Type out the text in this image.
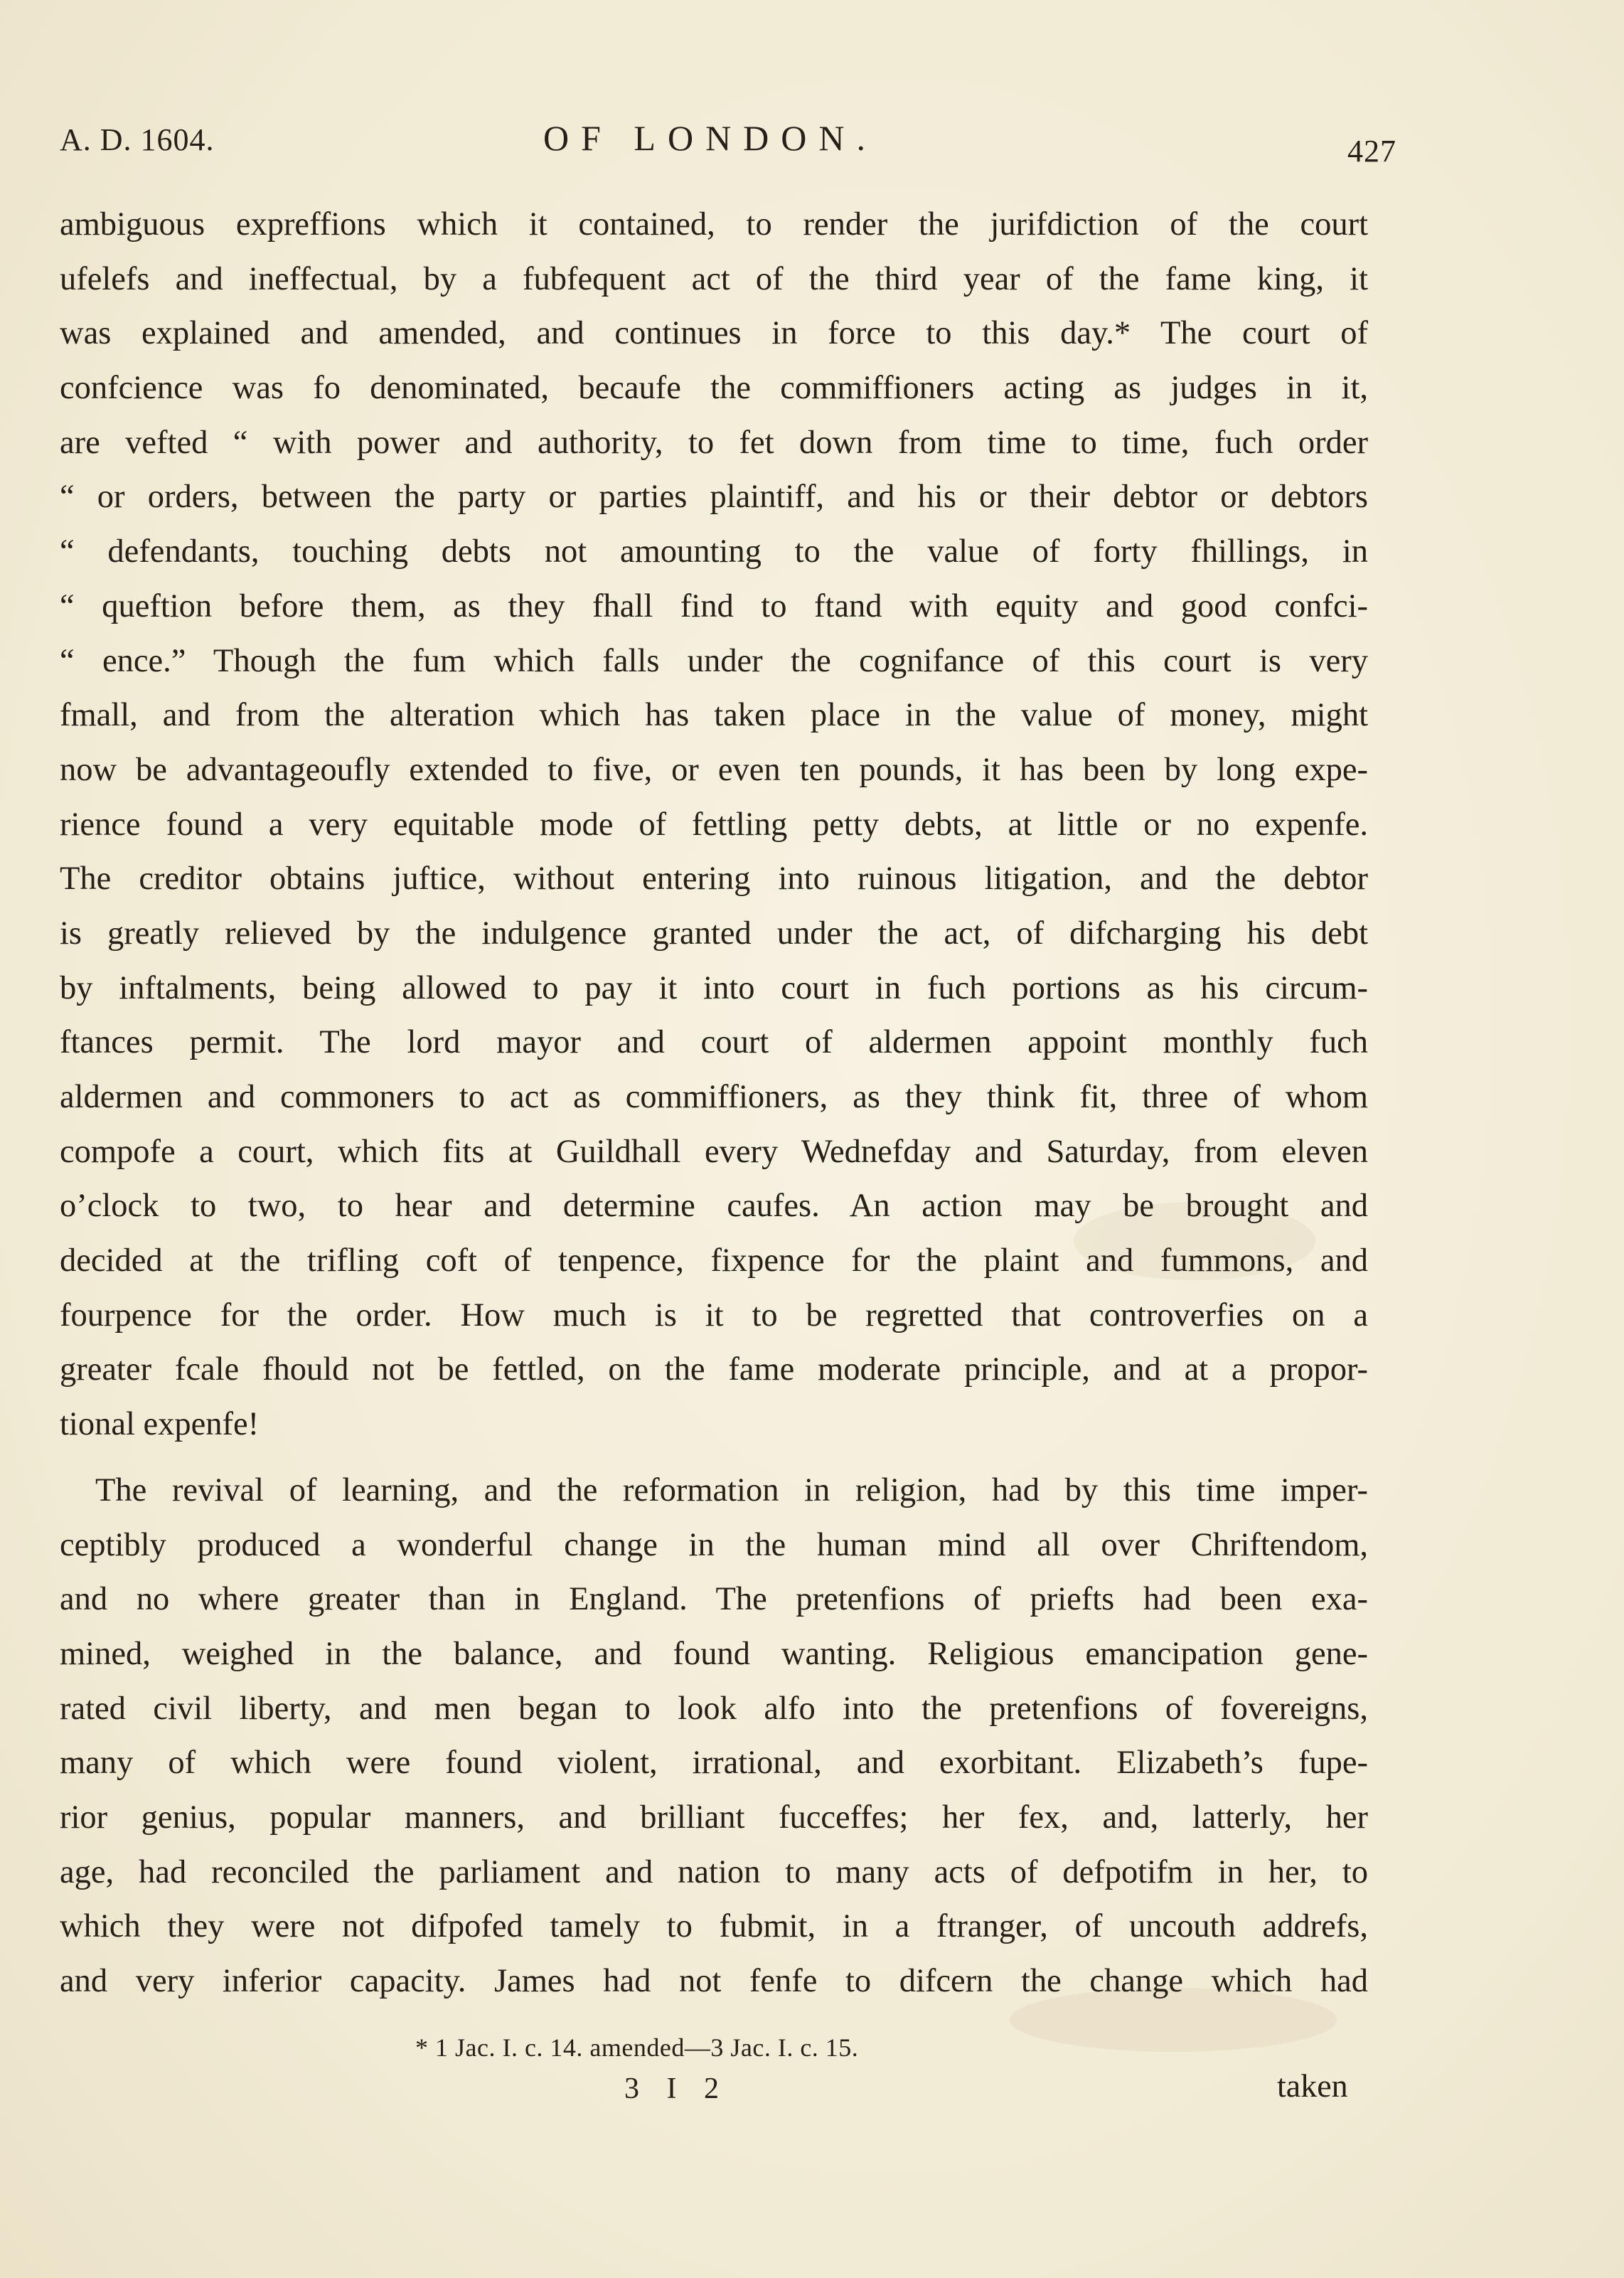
A. D. 1604.	OF LONDON.	427
ambiguous expreffions which it contained, to render the jurifdiction of the court
ufelefs and ineffectual, by a fubfequent act of the third year of the fame king, it
was explained and amended, and continues in force to this day.* The court of
confcience was fo denominated, becaufe the commiffioners acting as judges in it,
are vefted “ with power and authority, to fet down from time to time, fuch order
“ or orders, between the party or parties plaintiff, and his or their debtor or debtors
“ defendants, touching debts not amounting to the value of forty fhillings, in
“ queftion before them, as they fhall find to ftand with equity and good confci-
“ ence.” Though the fum which falls under the cognifance of this court is very
fmall, and from the alteration which has taken place in the value of money, might
now be advantageoufly extended to five, or even ten pounds, it has been by long expe-
rience found a very equitable mode of fettling petty debts, at little or no expenfe.
The creditor obtains juftice, without entering into ruinous litigation, and the debtor
is greatly relieved by the indulgence granted under the act, of difcharging his debt
by inftalments, being allowed to pay it into court in fuch portions as his circum-
ftances permit. The lord mayor and court of aldermen appoint monthly fuch
aldermen and commoners to act as commiffioners, as they think fit, three of whom
compofe a court, which fits at Guildhall every Wednefday and Saturday, from eleven
o’clock to two, to hear and determine caufes. An action may be brought and
decided at the trifling coft of tenpence, fixpence for the plaint and fummons, and
fourpence for the order. How much is it to be regretted that controverfies on a
greater fcale fhould not be fettled, on the fame moderate principle, and at a propor-
tional expenfe!
The revival of learning, and the reformation in religion, had by this time imper-
ceptibly produced a wonderful change in the human mind all over Chriftendom,
and no where greater than in England. The pretenfions of priefts had been exa-
mined, weighed in the balance, and found wanting. Religious emancipation gene-
rated civil liberty, and men began to look alfo into the pretenfions of fovereigns,
many of which were found violent, irrational, and exorbitant. Elizabeth’s fupe-
rior genius, popular manners, and brilliant fucceffes; her fex, and, latterly, her
age, had reconciled the parliament and nation to many acts of defpotifm in her, to
which they were not difpofed tamely to fubmit, in a ftranger, of uncouth addrefs,
and very inferior capacity. James had not fenfe to difcern the change which had
* 1 Jac. I. c. 14. amended—3 Jac. I. c. 15.
3 I 2	taken
